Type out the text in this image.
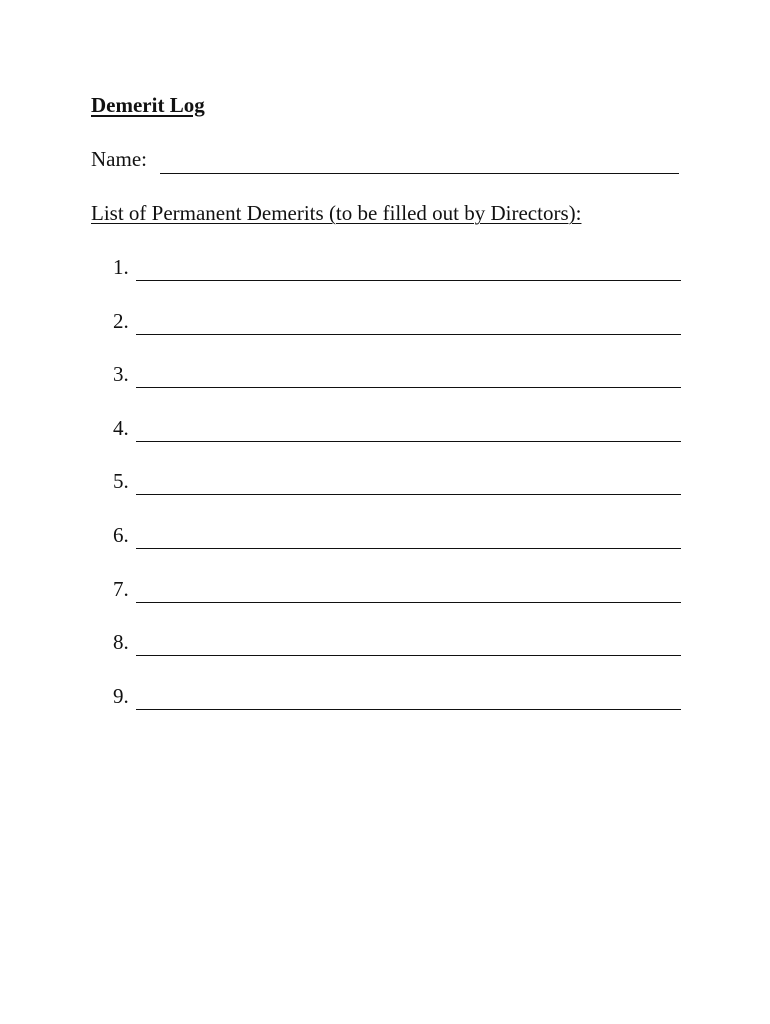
Demerit Log
Name:
List of Permanent Demerits (to be filled out by Directors):
1.
2.
3.
4.
5.
6.
7.
8.
9.
